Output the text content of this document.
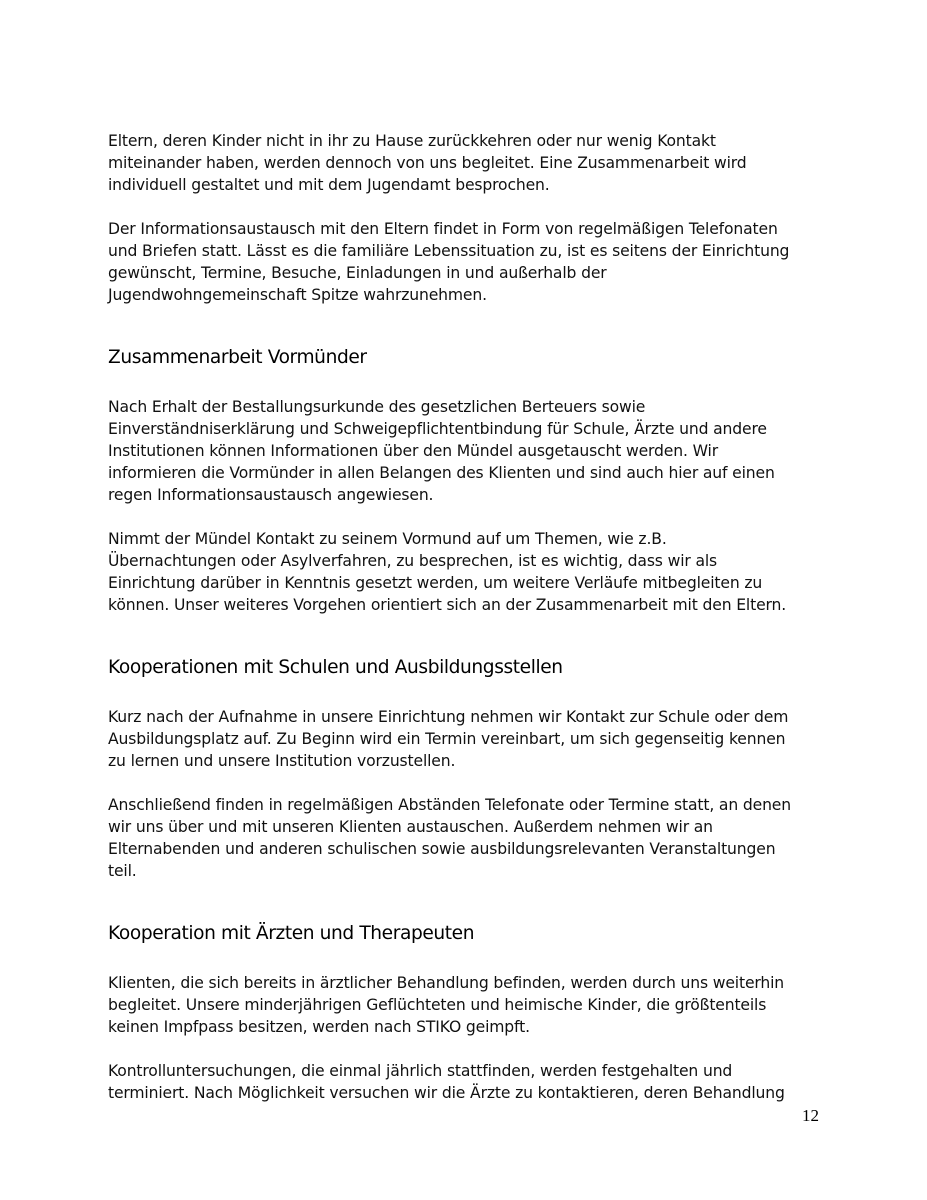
Eltern, deren Kinder nicht in ihr zu Hause zurückkehren oder nur wenig Kontakt
miteinander haben, werden dennoch von uns begleitet. Eine Zusammenarbeit wird
individuell gestaltet und mit dem Jugendamt besprochen.

Der Informationsaustausch mit den Eltern findet in Form von regelmäßigen Telefonaten
und Briefen statt. Lässt es die familiäre Lebenssituation zu, ist es seitens der Einrichtung
gewünscht, Termine, Besuche, Einladungen in und außerhalb der
Jugendwohngemeinschaft Spitze wahrzunehmen.

Zusammenarbeit Vormünder

Nach Erhalt der Bestallungsurkunde des gesetzlichen Berteuers sowie
Einverständniserklärung und Schweigepflichtentbindung für Schule, Ärzte und andere
Institutionen können Informationen über den Mündel ausgetauscht werden. Wir
informieren die Vormünder in allen Belangen des Klienten und sind auch hier auf einen
regen Informationsaustausch angewiesen.

Nimmt der Mündel Kontakt zu seinem Vormund auf um Themen, wie z.B.
Übernachtungen oder Asylverfahren, zu besprechen, ist es wichtig, dass wir als
Einrichtung darüber in Kenntnis gesetzt werden, um weitere Verläufe mitbegleiten zu
können. Unser weiteres Vorgehen orientiert sich an der Zusammenarbeit mit den Eltern.

Kooperationen mit Schulen und Ausbildungsstellen

Kurz nach der Aufnahme in unsere Einrichtung nehmen wir Kontakt zur Schule oder dem
Ausbildungsplatz auf. Zu Beginn wird ein Termin vereinbart, um sich gegenseitig kennen
zu lernen und unsere Institution vorzustellen.

Anschließend finden in regelmäßigen Abständen Telefonate oder Termine statt, an denen
wir uns über und mit unseren Klienten austauschen. Außerdem nehmen wir an
Elternabenden und anderen schulischen sowie ausbildungsrelevanten Veranstaltungen
teil.

Kooperation mit Ärzten und Therapeuten

Klienten, die sich bereits in ärztlicher Behandlung befinden, werden durch uns weiterhin
begleitet. Unsere minderjährigen Geflüchteten und heimische Kinder, die größtenteils
keinen Impfpass besitzen, werden nach STIKO geimpft.

Kontrolluntersuchungen, die einmal jährlich stattfinden, werden festgehalten und
terminiert. Nach Möglichkeit versuchen wir die Ärzte zu kontaktieren, deren Behandlung

12
